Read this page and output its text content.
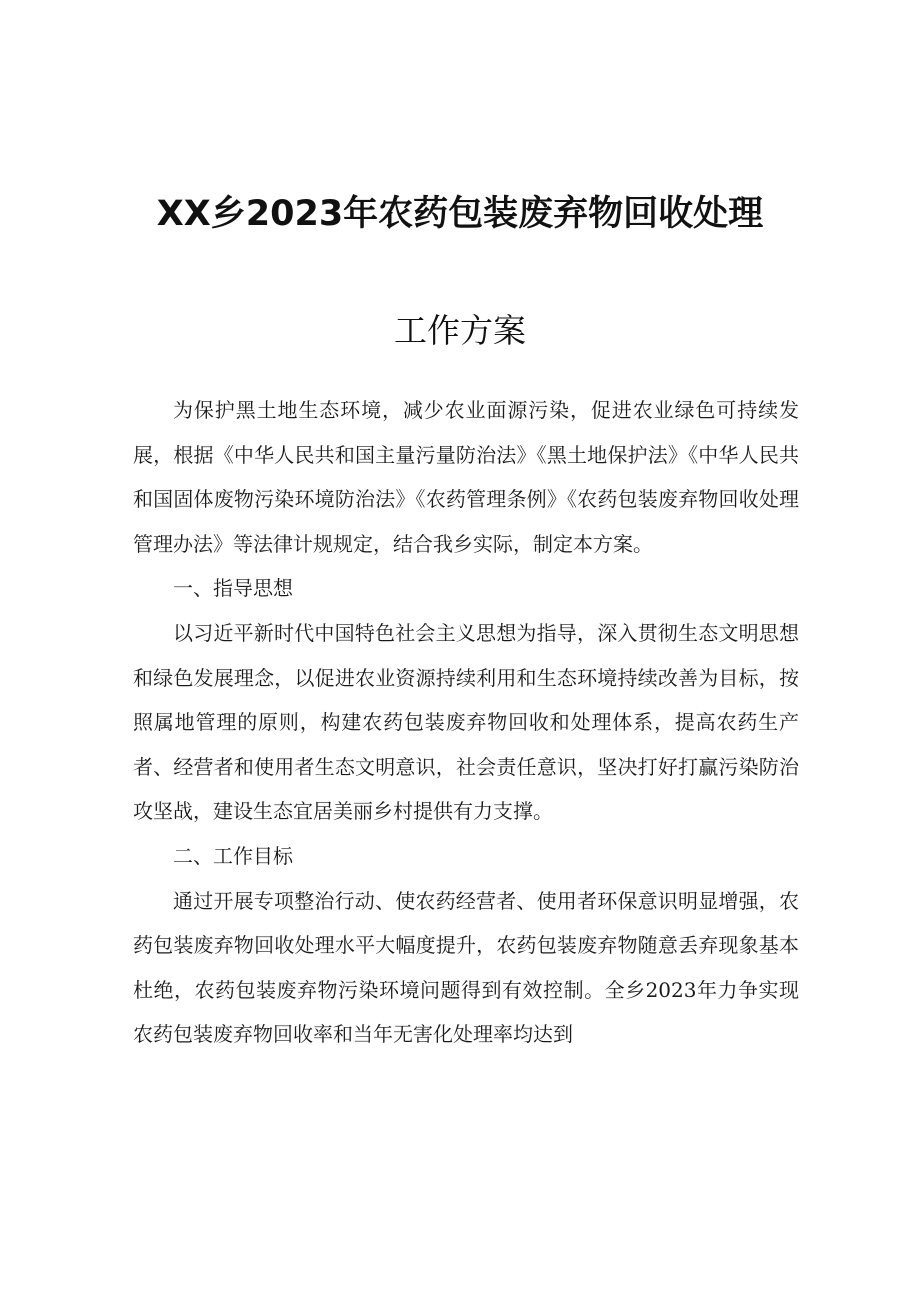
XX乡2023年农药包装废弃物回收处理
工作方案

为保护黑土地生态环境，减少农业面源污染，促进农业绿色可持续发展，根据《中华人民共和国主量污量防治法》《黑土地保护法》《中华人民共和国固体废物污染环境防治法》《农药管理条例》《农药包装废弃物回收处理管理办法》等法律计规规定，结合我乡实际，制定本方案。

一、指导思想

以习近平新时代中国特色社会主义思想为指导，深入贯彻生态文明思想和绿色发展理念，以促进农业资源持续利用和生态环境持续改善为目标，按照属地管理的原则，构建农药包装废弃物回收和处理体系，提高农药生产者、经营者和使用者生态文明意识，社会责任意识，坚决打好打赢污染防治攻坚战，建设生态宜居美丽乡村提供有力支撑。

二、工作目标

通过开展专项整治行动、使农药经营者、使用者环保意识明显增强，农药包装废弃物回收处理水平大幅度提升，农药包装废弃物随意丢弃现象基本杜绝，农药包装废弃物污染环境问题得到有效控制。全乡2023年力争实现农药包装废弃物回收率和当年无害化处理率均达到
